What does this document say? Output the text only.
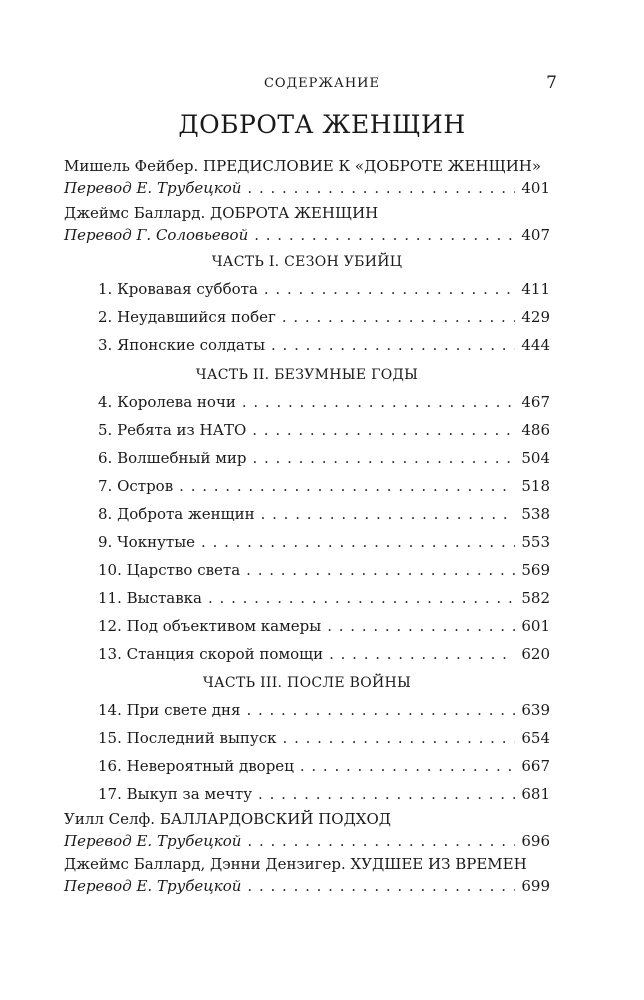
СОДЕРЖАНИЕ	7
ДОБРОТА ЖЕНЩИН
Мишель Фейбер. ПРЕДИСЛОВИЕ К «ДОБРОТЕ ЖЕНЩИН»
Перевод Е. Трубецкой . . .	401
Джеймс Баллард. ДОБРОТА ЖЕНЩИН
Перевод Г. Соловьевой . . .	407
ЧАСТЬ I. СЕЗОН УБИЙЦ
1. Кровавая суббота . . .	411
2. Неудавшийся побег . . .	429
3. Японские солдаты . . .	444
ЧАСТЬ II. БЕЗУМНЫЕ ГОДЫ
4. Королева ночи . . .	467
5. Ребята из НАТО . . .	486
6. Волшебный мир . . .	504
7. Остров . . .	518
8. Доброта женщин . . .	538
9. Чокнутые . . .	553
10. Царство света . . .	569
11. Выставка . . .	582
12. Под объективом камеры . . .	601
13. Станция скорой помощи . . .	620
ЧАСТЬ III. ПОСЛЕ ВОЙНЫ
14. При свете дня . . .	639
15. Последний выпуск . . .	654
16. Невероятный дворец . . .	667
17. Выкуп за мечту . . .	681
Уилл Селф. БАЛЛАРДОВСКИЙ ПОДХОД
Перевод Е. Трубецкой . . .	696
Джеймс Баллард, Дэнни Дензигер. ХУДШЕЕ ИЗ ВРЕМЕН
Перевод Е. Трубецкой . . .	699
